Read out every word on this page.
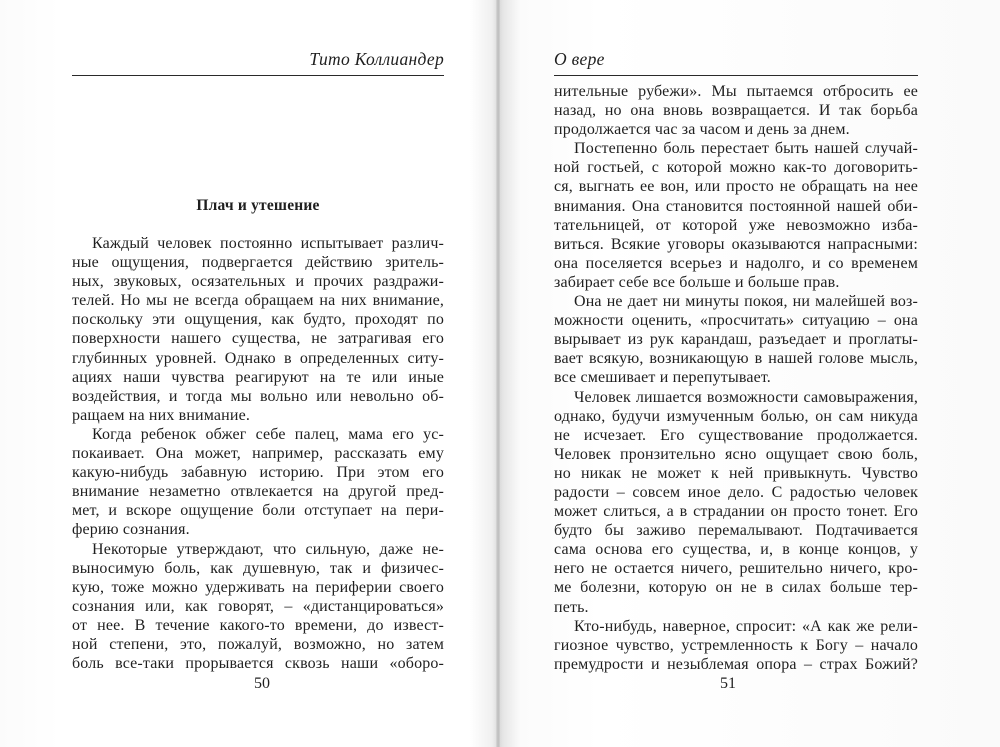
Тито Коллиандер
Плач и утешение
Каждый человек постоянно испытывает различ-
ные ощущения, подвергается действию зритель-
ных, звуковых, осязательных и прочих раздражи-
телей. Но мы не всегда обращаем на них внимание,
поскольку эти ощущения, как будто, проходят по
поверхности нашего существа, не затрагивая его
глубинных уровней. Однако в определенных ситу-
ациях наши чувства реагируют на те или иные
воздействия, и тогда мы вольно или невольно об-
ращаем на них внимание.
Когда ребенок обжег себе палец, мама его ус-
покаивает. Она может, например, рассказать ему
какую-нибудь забавную историю. При этом его
внимание незаметно отвлекается на другой пред-
мет, и вскоре ощущение боли отступает на пери-
ферию сознания.
Некоторые утверждают, что сильную, даже не-
выносимую боль, как душевную, так и физичес-
кую, тоже можно удерживать на периферии своего
сознания или, как говорят, – «дистанцироваться»
от нее. В течение какого-то времени, до извест-
ной степени, это, пожалуй, возможно, но затем
боль все-таки прорывается сквозь наши «оборо-
50
О вере
нительные рубежи». Мы пытаемся отбросить ее
назад, но она вновь возвращается. И так борьба
продолжается час за часом и день за днем.
Постепенно боль перестает быть нашей случай-
ной гостьей, с которой можно как-то договорить-
ся, выгнать ее вон, или просто не обращать на нее
внимания. Она становится постоянной нашей оби-
тательницей, от которой уже невозможно изба-
виться. Всякие уговоры оказываются напрасными:
она поселяется всерьез и надолго, и со временем
забирает себе все больше и больше прав.
Она не дает ни минуты покоя, ни малейшей воз-
можности оценить, «просчитать» ситуацию – она
вырывает из рук карандаш, разъедает и проглаты-
вает всякую, возникающую в нашей голове мысль,
все смешивает и перепутывает.
Человек лишается возможности самовыражения,
однако, будучи измученным болью, он сам никуда
не исчезает. Его существование продолжается.
Человек пронзительно ясно ощущает свою боль,
но никак не может к ней привыкнуть. Чувство
радости – совсем иное дело. С радостью человек
может слиться, а в страдании он просто тонет. Его
будто бы заживо перемалывают. Подтачивается
сама основа его существа, и, в конце концов, у
него не остается ничего, решительно ничего, кро-
ме болезни, которую он не в силах больше тер-
петь.
Кто-нибудь, наверное, спросит: «А как же рели-
гиозное чувство, устремленность к Богу – начало
премудрости и незыблемая опора – страх Божий?
51
